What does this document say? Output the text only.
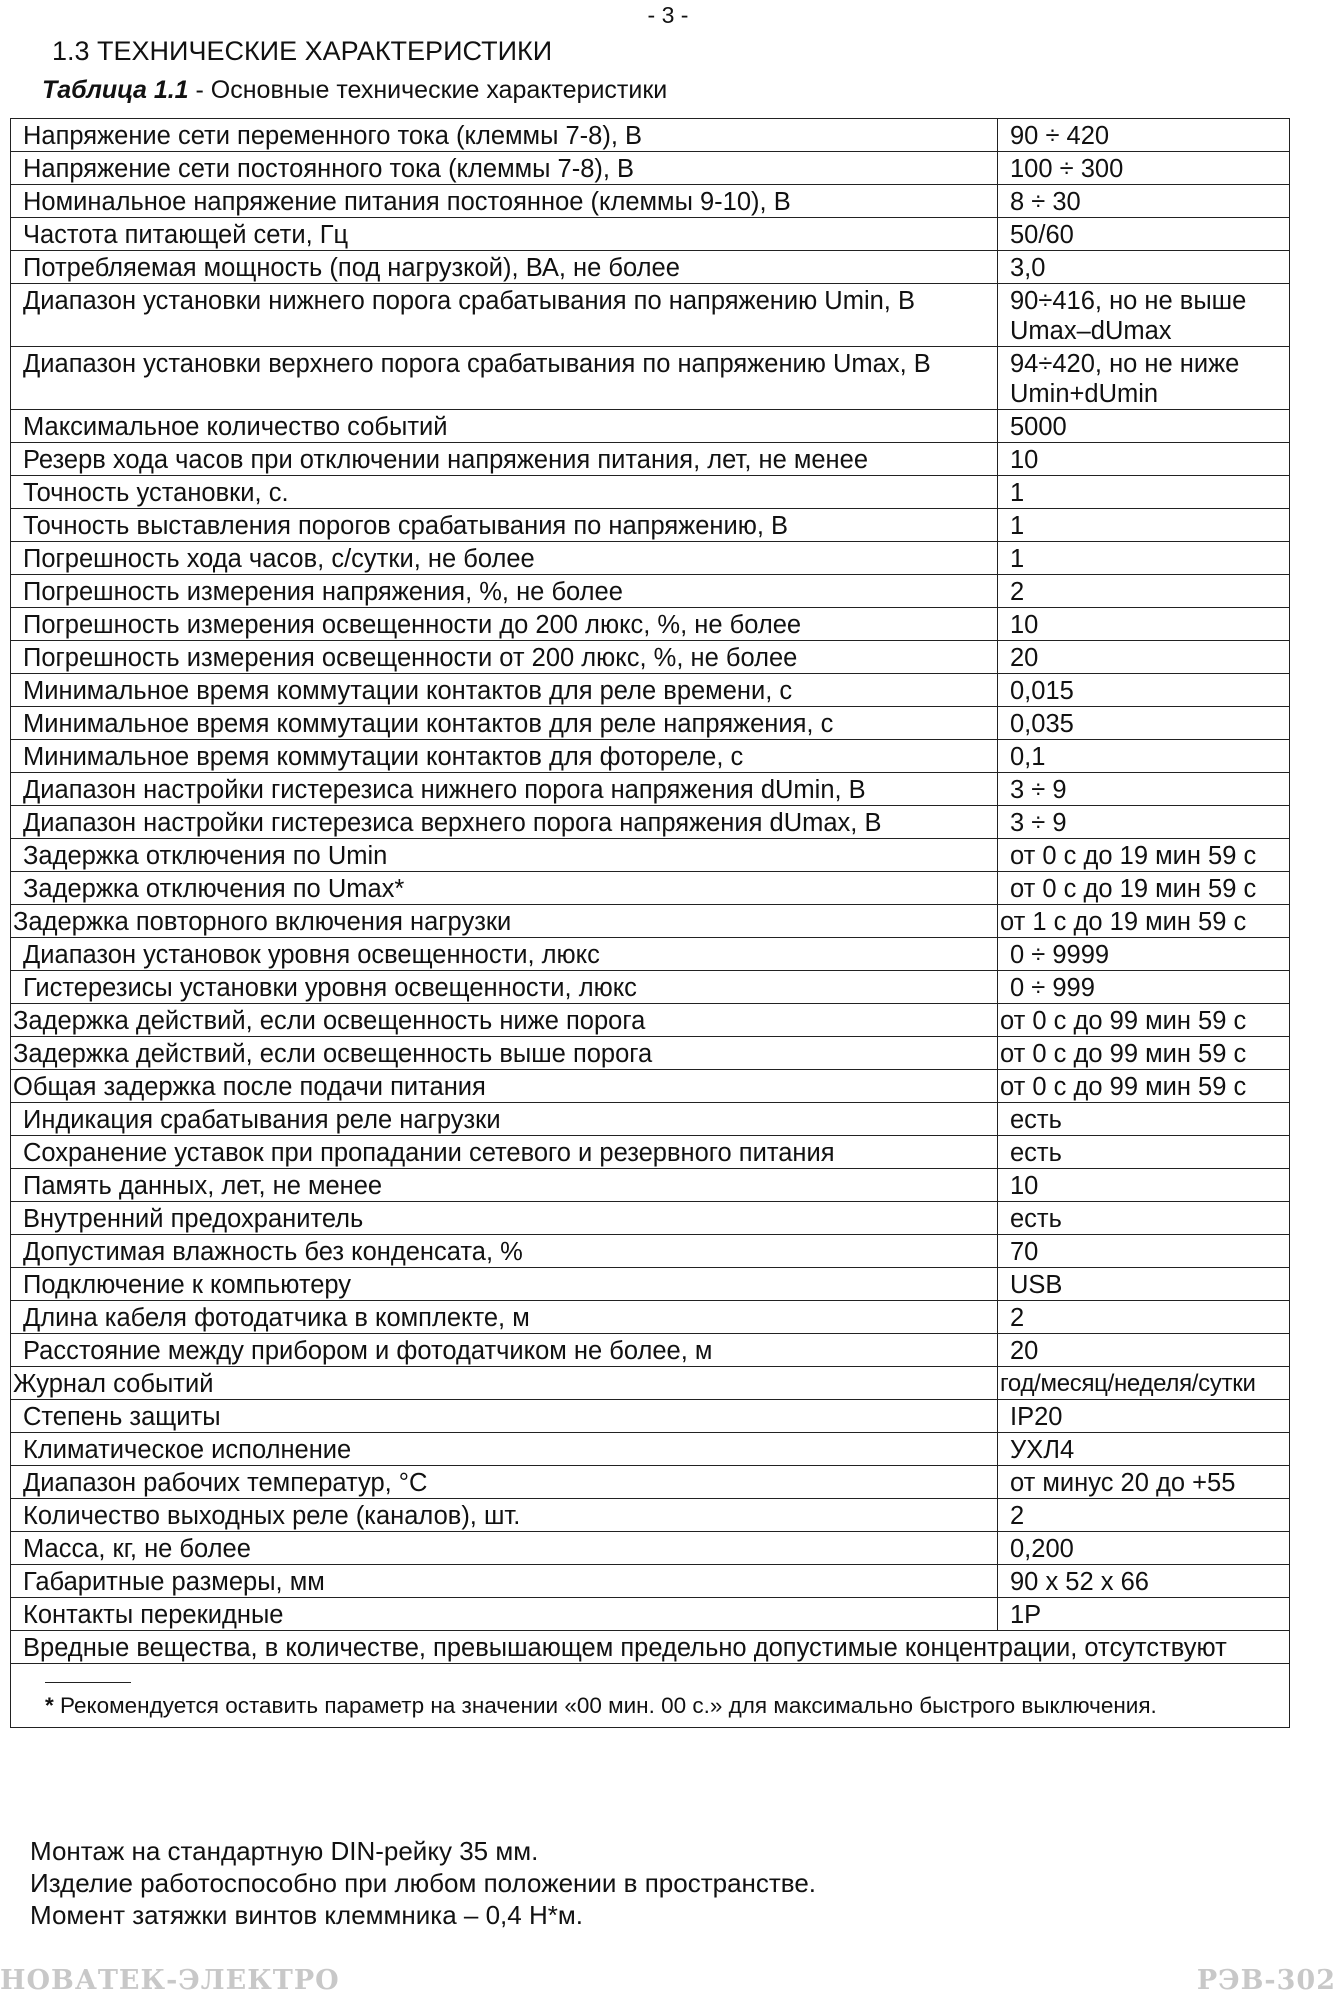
- 3 -
1.3 ТЕХНИЧЕСКИЕ ХАРАКТЕРИСТИКИ
Таблица 1.1 - Основные технические характеристики
Напряжение сети переменного тока (клеммы 7-8), В	90 ÷ 420
Напряжение сети постоянного тока (клеммы 7-8), В	100 ÷ 300
Номинальное напряжение питания постоянное (клеммы 9-10), В	8 ÷ 30
Частота питающей сети, Гц	50/60
Потребляемая мощность (под нагрузкой), ВА, не более	3,0
Диапазон установки нижнего порога срабатывания по напряжению Umin, В	90÷416, но не выше Umax–dUmax
Диапазон установки верхнего порога срабатывания по напряжению Umax, В	94÷420, но не ниже Umin+dUmin
Максимальное количество событий	5000
Резерв хода часов при отключении напряжения питания, лет, не менее	10
Точность установки, с.	1
Точность выставления порогов срабатывания по напряжению, В	1
Погрешность хода часов, с/сутки, не более	1
Погрешность измерения напряжения, %, не более	2
Погрешность измерения освещенности до 200 люкс, %, не более	10
Погрешность измерения освещенности от 200 люкс, %, не более	20
Минимальное время коммутации контактов для реле времени, с	0,015
Минимальное время коммутации контактов для реле напряжения, с	0,035
Минимальное время коммутации контактов для фотореле, с	0,1
Диапазон настройки гистерезиса нижнего порога напряжения dUmin, В	3 ÷ 9
Диапазон настройки гистерезиса верхнего порога напряжения dUmax, В	3 ÷ 9
Задержка отключения по Umin	от 0 с до 19 мин 59 с
Задержка отключения по Umax*	от 0 с до 19 мин 59 с
Задержка повторного включения нагрузки	от 1 с до 19 мин 59 с
Диапазон установок уровня освещенности, люкс	0 ÷ 9999
Гистерезисы установки уровня освещенности, люкс	0 ÷ 999
Задержка действий, если освещенность ниже порога	от 0 с до 99 мин 59 с
Задержка действий, если освещенность выше порога	от 0 с до 99 мин 59 с
Общая задержка после подачи питания	от 0 с до 99 мин 59 с
Индикация срабатывания реле нагрузки	есть
Сохранение уставок при пропадании сетевого и резервного питания	есть
Память данных, лет, не менее	10
Внутренний предохранитель	есть
Допустимая влажность без конденсата, %	70
Подключение к компьютеру	USB
Длина кабеля фотодатчика в комплекте, м	2
Расстояние между прибором и фотодатчиком не более, м	20
Журнал событий	год/месяц/неделя/сутки
Степень защиты	IP20
Климатическое исполнение	УХЛ4
Диапазон рабочих температур, °С	от минус 20 до +55
Количество выходных реле (каналов), шт.	2
Масса, кг, не более	0,200
Габаритные размеры, мм	90 х 52 х 66
Контакты перекидные	1Р
Вредные вещества, в количестве, превышающем предельно допустимые концентрации, отсутствуют	

* Рекомендуется оставить параметр на значении «00 мин. 00 с.» для максимально быстрого выключения.	
Монтаж на стандартную DIN-рейку 35 мм.
Изделие работоспособно при любом положении в пространстве.
Момент затяжки винтов клеммника – 0,4 Н*м.
НОВАТЕК-ЭЛЕКТРО	РЭВ-302
